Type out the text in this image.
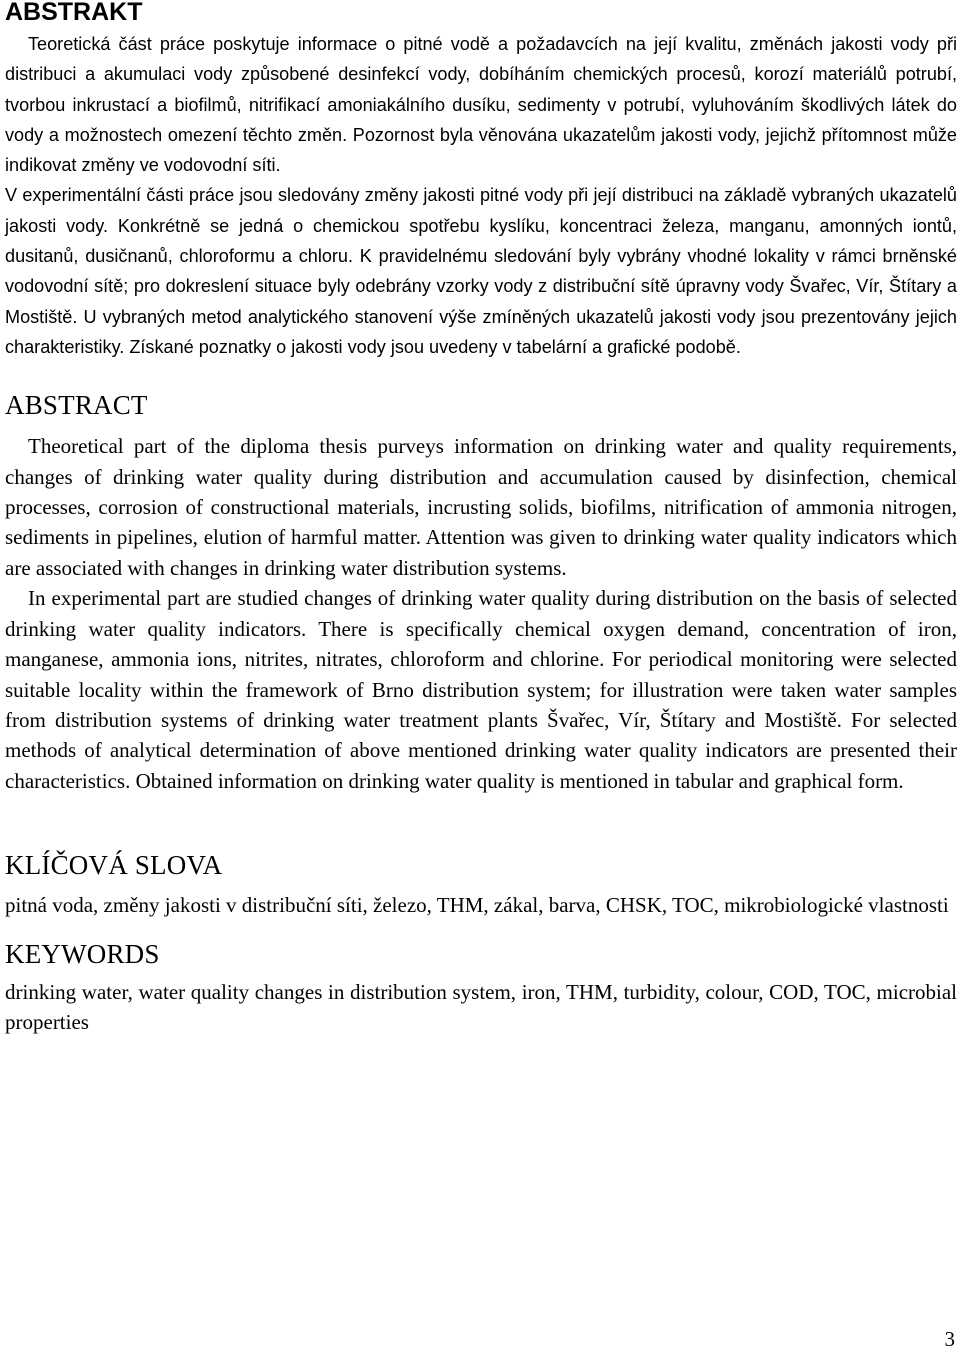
ABSTRAKT

Teoretická část práce poskytuje informace o pitné vodě a požadavcích na její kvalitu, změnách jakosti vody při distribuci a akumulaci vody způsobené desinfekcí vody, dobíháním chemických procesů, korozí materiálů potrubí, tvorbou inkrustací a biofilmů, nitrifikací amoniakálního dusíku, sedimenty v potrubí, vyluhováním škodlivých látek do vody a možnostech omezení těchto změn. Pozornost byla věnována ukazatelům jakosti vody, jejichž přítomnost může indikovat změny ve vodovodní síti.

V experimentální části práce jsou sledovány změny jakosti pitné vody při její distribuci na základě vybraných ukazatelů jakosti vody. Konkrétně se jedná o chemickou spotřebu kyslíku, koncentraci železa, manganu, amonných iontů, dusitanů, dusičnanů, chloroformu a chloru. K pravidelnému sledování byly vybrány vhodné lokality v rámci brněnské vodovodní sítě; pro dokreslení situace byly odebrány vzorky vody z distribuční sítě úpravny vody Švařec, Vír, Štítary a Mostiště. U vybraných metod analytického stanovení výše zmíněných ukazatelů jakosti vody jsou prezentovány jejich charakteristiky. Získané poznatky o jakosti vody jsou uvedeny v tabelární a grafické podobě.

ABSTRACT

Theoretical part of the diploma thesis purveys information on drinking water and quality requirements, changes of drinking water quality during distribution and accumulation caused by disinfection, chemical processes, corrosion of constructional materials, incrusting solids, biofilms, nitrification of ammonia nitrogen, sediments in pipelines, elution of harmful matter. Attention was given to drinking water quality indicators which are associated with changes in drinking water distribution systems.

In experimental part are studied changes of drinking water quality during distribution on the basis of selected drinking water quality indicators. There is specifically chemical oxygen demand, concentration of iron, manganese, ammonia ions, nitrites, nitrates, chloroform and chlorine. For periodical monitoring were selected suitable locality within the framework of Brno distribution system; for illustration were taken water samples from distribution systems of drinking water treatment plants Švařec, Vír, Štítary and Mostiště. For selected methods of analytical determination of above mentioned drinking water quality indicators are presented their characteristics. Obtained information on drinking water quality is mentioned in tabular and graphical form.

KLÍČOVÁ SLOVA

pitná voda, změny jakosti v distribuční síti, železo, THM, zákal, barva, CHSK, TOC, mikrobiologické vlastnosti

KEYWORDS

drinking water, water quality changes in distribution system, iron, THM, turbidity, colour, COD, TOC, microbial properties

3
